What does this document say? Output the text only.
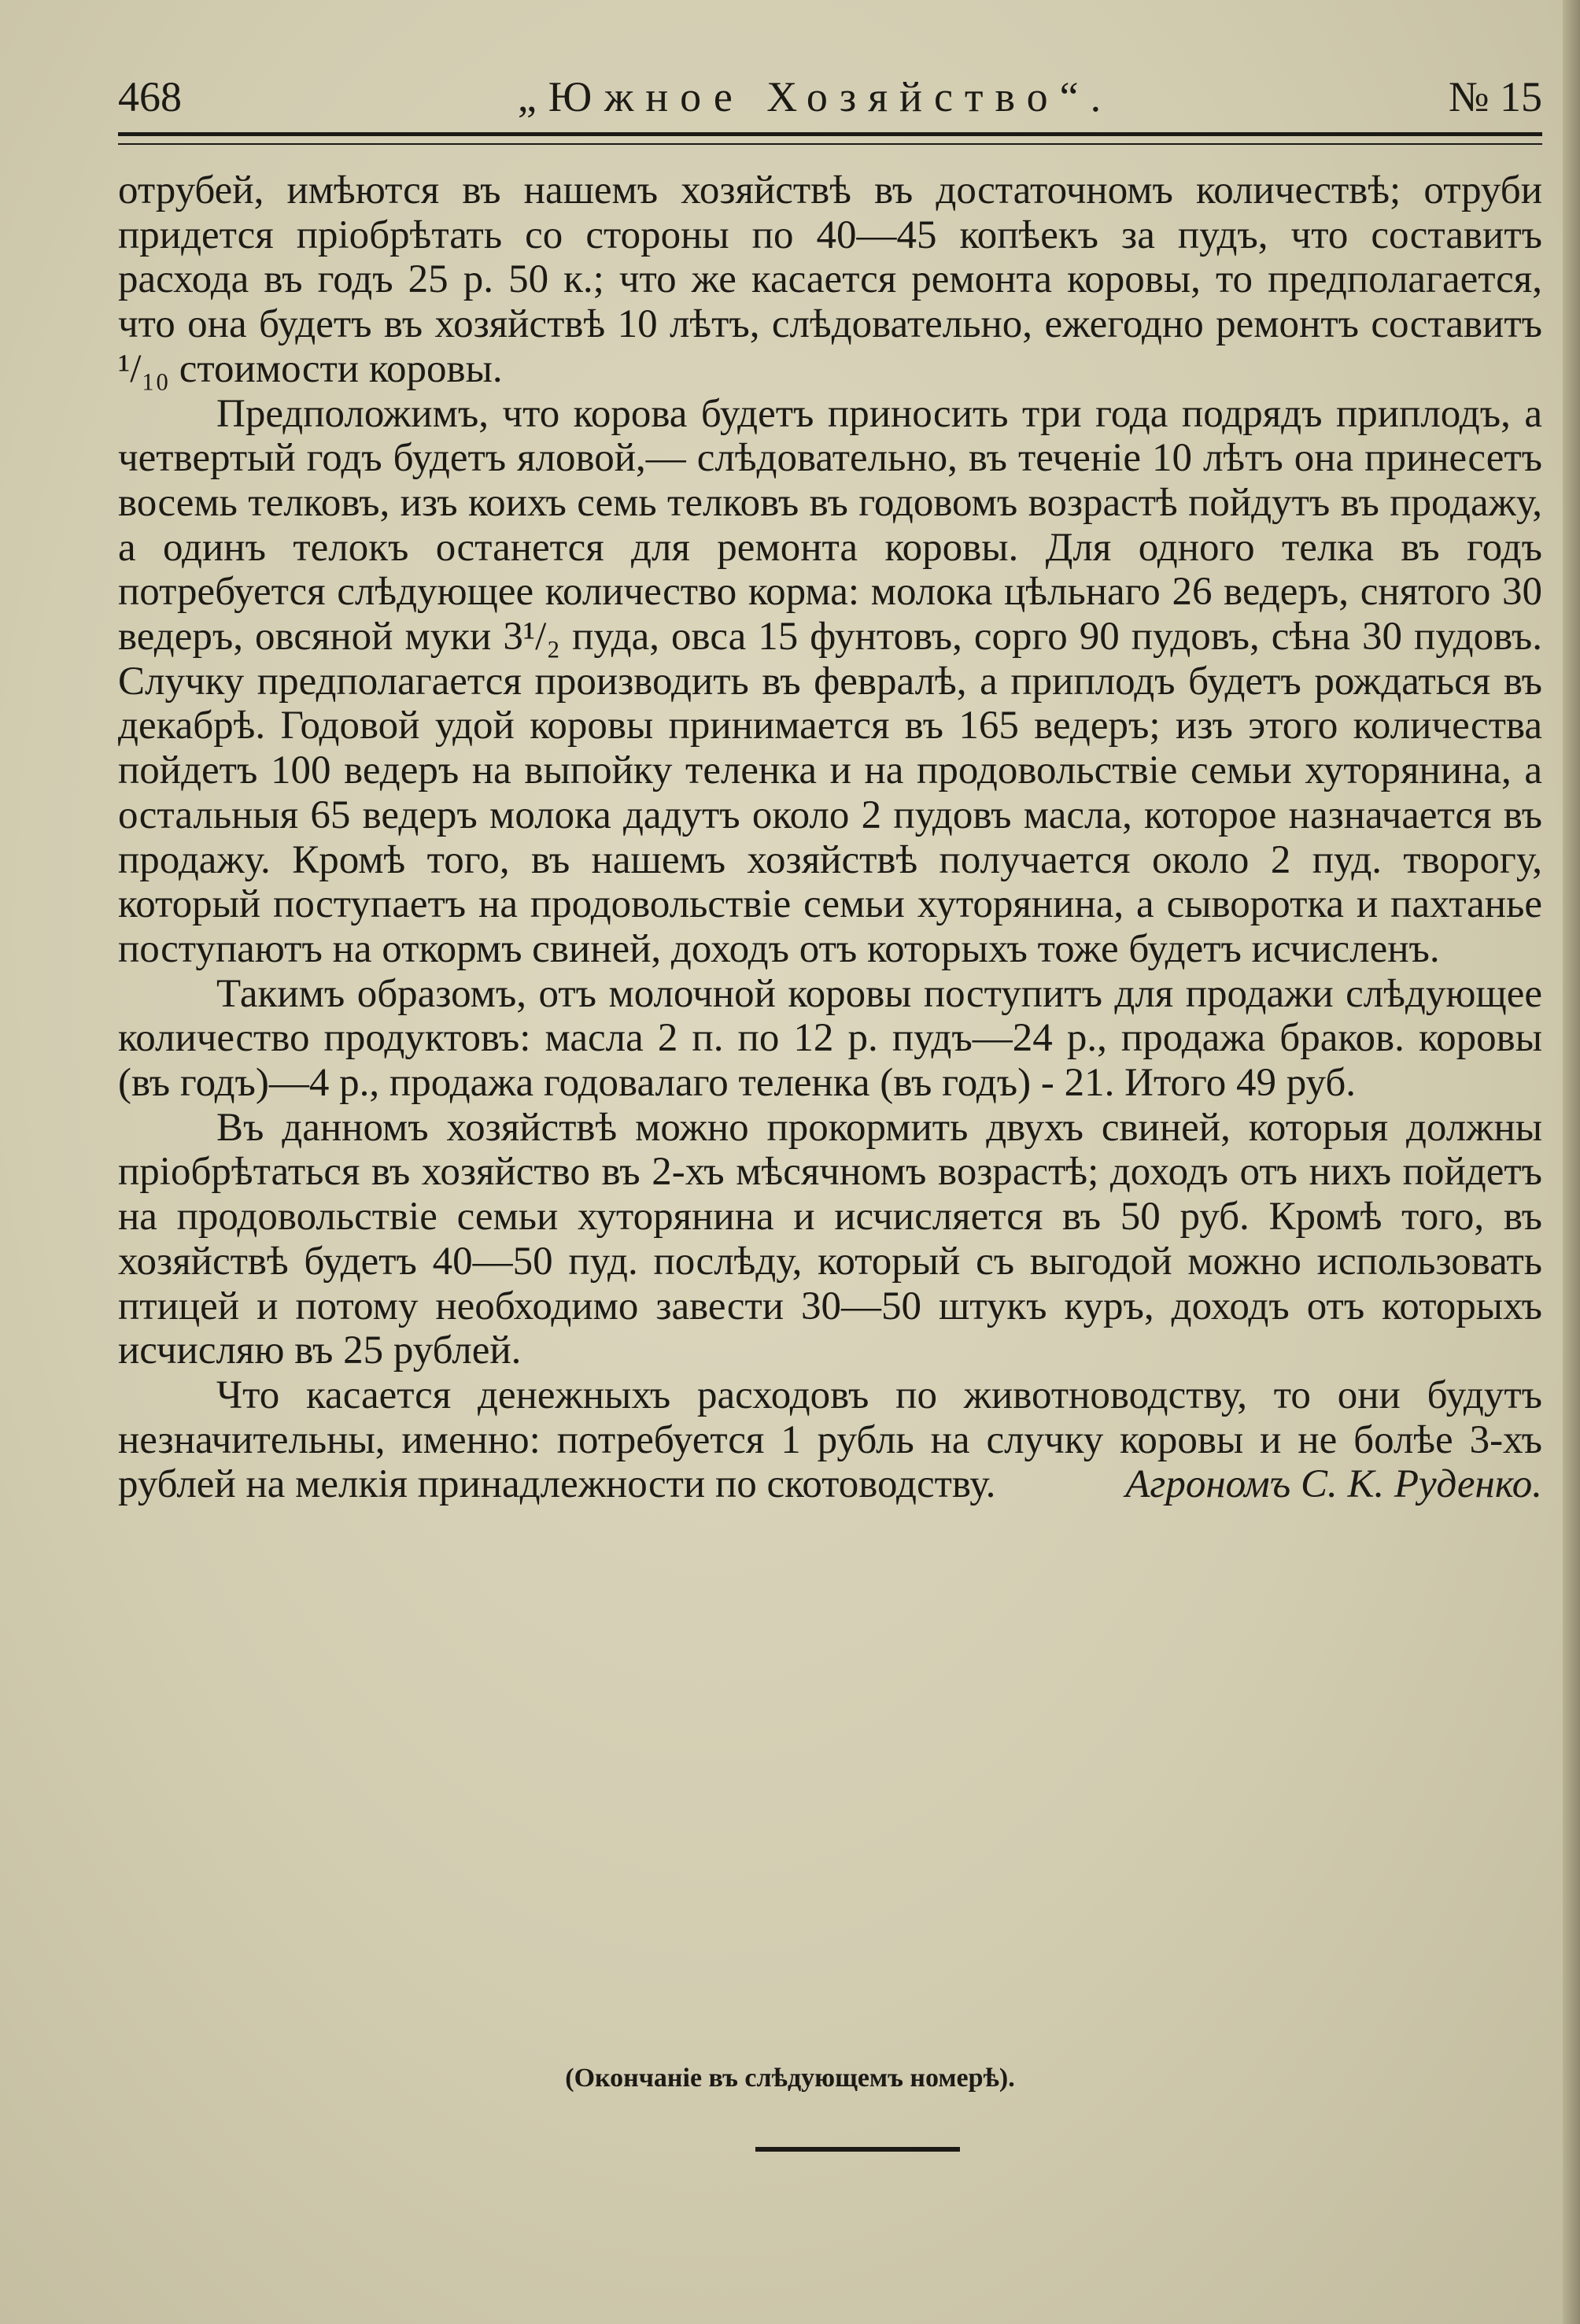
468	„Южное Хозяйство“.	№ 15

отрубей, имѣются въ нашемъ хозяйствѣ въ достаточномъ количествѣ; отруби придется пріобрѣтать со стороны по 40—45 копѣекъ за пудъ, что составитъ расхода въ годъ 25 р. 50 к.; что же касается ремонта коровы, то предполагается, что она будетъ въ хозяйствѣ 10 лѣтъ, слѣдовательно, ежегодно ремонтъ составитъ ¹/₁₀ стоимости коровы.

Предположимъ, что корова будетъ приносить три года подрядъ приплодъ, а четвертый годъ будетъ яловой,— слѣдовательно, въ теченіе 10 лѣтъ она принесетъ восемь телковъ, изъ коихъ семь телковъ въ годовомъ возрастѣ пойдутъ въ продажу, а одинъ телокъ останется для ремонта коровы. Для одного телка въ годъ потребуется слѣдующее количество корма: молока цѣльнаго 26 ведеръ, снятого 30 ведеръ, овсяной муки 3¹/₂ пуда, овса 15 фунтовъ, сорго 90 пудовъ, сѣна 30 пудовъ. Случку предполагается производить въ февралѣ, а приплодъ будетъ рождаться въ декабрѣ. Годовой удой коровы принимается въ 165 ведеръ; изъ этого количества пойдетъ 100 ведеръ на выпойку теленка и на продовольствіе семьи хуторянина, а остальныя 65 ведеръ молока дадутъ около 2 пудовъ масла, которое назначается въ продажу. Кромѣ того, въ нашемъ хозяйствѣ получается около 2 пуд. творогу, который поступаетъ на продовольствіе семьи хуторянина, а сыворотка и пахтанье поступаютъ на откормъ свиней, доходъ отъ которыхъ тоже будетъ исчисленъ.

Такимъ образомъ, отъ молочной коровы поступитъ для продажи слѣдующее количество продуктовъ: масла 2 п. по 12 р. пудъ—24 р., продажа браков. коровы (въ годъ)—4 р., продажа годовалаго теленка (въ годъ) - 21. Итого 49 руб.

Въ данномъ хозяйствѣ можно прокормить двухъ свиней, которыя должны пріобрѣтаться въ хозяйство въ 2-хъ мѣсячномъ возрастѣ; доходъ отъ нихъ пойдетъ на продовольствіе семьи хуторянина и исчисляется въ 50 руб. Кромѣ того, въ хозяйствѣ будетъ 40—50 пуд. послѣду, который съ выгодой можно использовать птицей и потому необходимо завести 30—50 штукъ куръ, доходъ отъ которыхъ исчисляю въ 25 рублей.

Что касается денежныхъ расходовъ по животноводству, то они будутъ незначительны, именно: потребуется 1 рубль на случку коровы и не болѣе 3-хъ рублей на мелкія принадлежности по скотоводству.	Агрономъ С. К. Руденко.

(Окончаніе въ слѣдующемъ номерѣ).
